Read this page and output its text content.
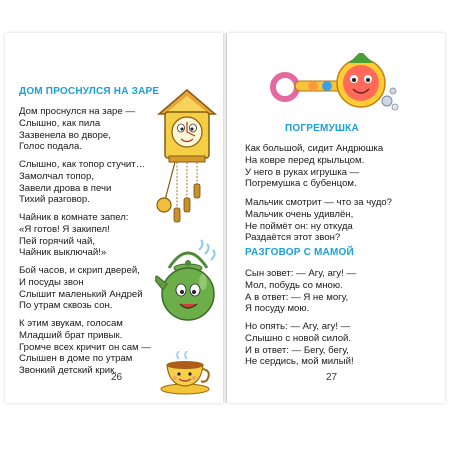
ДОМ ПРОСНУЛСЯ НА ЗАРЕ
Дом проснулся на заре —
Слышно, как пила
Зазвенела во дворе,
Голос подала.
Слышно, как топор стучит…
Замолчал топор,
Завели дрова в печи
Тихий разговор.
Чайник в комнате запел:
«Я готов! Я закипел!
Пей горячий чай,
Чайник выключай!»
Бой часов, и скрип дверей,
И посуды звон
Слышит маленький Андрей
По утрам сквозь сон.
К этим звукам, голосам
Младший брат привык.
Громче всех кричит он сам —
Слышен в доме по утрам
Звонкий детский крик.
26
ПОГРЕМУШКА
Как большой, сидит Андрюшка
На ковре перед крыльцом.
У него в руках игрушка —
Погремушка с бубенцом.
Мальчик смотрит — что за чудо?
Мальчик очень удивлён,
Не поймёт он: ну откуда
Раздаётся этот звон?
РАЗГОВОР С МАМОЙ
Сын зовет: — Агу, агу! —
Мол, побудь со мною.
А в ответ: — Я не могу,
Я посуду мою.
Но опять: — Агу, агу! —
Слышно с новой силой.
И в ответ: — Бегу, бегу,
Не сердись, мой милый!
27
